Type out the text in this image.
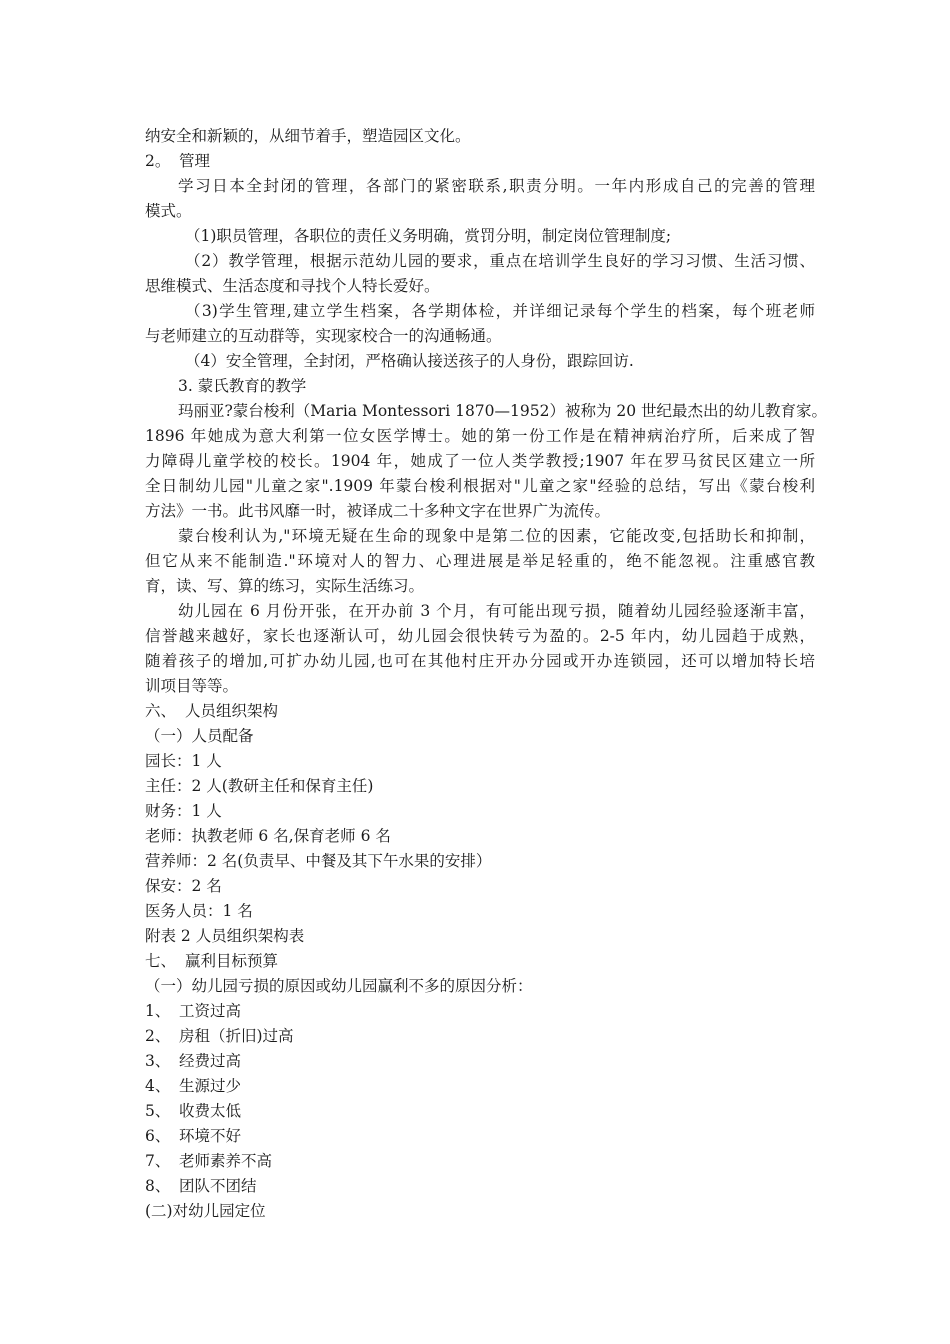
纳安全和新颖的，从细节着手，塑造园区文化。
2。 管理
学习日本全封闭的管理，各部门的紧密联系,职责分明。一年内形成自己的完善的管理
模式。
（1)职员管理，各职位的责任义务明确，赏罚分明，制定岗位管理制度;
（2）教学管理，根据示范幼儿园的要求，重点在培训学生良好的学习习惯、生活习惯、
思维模式、生活态度和寻找个人特长爱好。
（3)学生管理,建立学生档案，各学期体检，并详细记录每个学生的档案，每个班老师
与老师建立的互动群等，实现家校合一的沟通畅通。
（4）安全管理，全封闭，严格确认接送孩子的人身份，跟踪回访.
3. 蒙氏教育的教学
玛丽亚?蒙台梭利（Maria Montessori 1870—1952）被称为 20 世纪最杰出的幼儿教育家。
1896 年她成为意大利第一位女医学博士。她的第一份工作是在精神病治疗所，后来成了智
力障碍儿童学校的校长。1904 年，她成了一位人类学教授;1907 年在罗马贫民区建立一所
全日制幼儿园"儿童之家".1909 年蒙台梭利根据对"儿童之家"经验的总结，写出《蒙台梭利
方法》一书。此书风靡一时，被译成二十多种文字在世界广为流传。
蒙台梭利认为,"环境无疑在生命的现象中是第二位的因素，它能改变,包括助长和抑制，
但它从来不能制造."环境对人的智力、心理进展是举足轻重的，绝不能忽视。注重感官教
育，读、写、算的练习，实际生活练习。
幼儿园在 6 月份开张，在开办前 3 个月，有可能出现亏损，随着幼儿园经验逐渐丰富，
信誉越来越好，家长也逐渐认可，幼儿园会很快转亏为盈的。2-5 年内，幼儿园趋于成熟，
随着孩子的增加,可扩办幼儿园,也可在其他村庄开办分园或开办连锁园，还可以增加特长培
训项目等等。
六、 人员组织架构
（一）人员配备
园长：1 人
主任：2 人(教研主任和保育主任)
财务：1 人
老师：执教老师 6 名,保育老师 6 名
营养师：2 名(负责早、中餐及其下午水果的安排）
保安：2 名
医务人员：1 名
附表 2 人员组织架构表
七、 赢利目标预算
（一）幼儿园亏损的原因或幼儿园赢利不多的原因分析：
1、 工资过高
2、 房租（折旧)过高
3、 经费过高
4、 生源过少
5、 收费太低
6、 环境不好
7、 老师素养不高
8、 团队不团结
(二)对幼儿园定位
